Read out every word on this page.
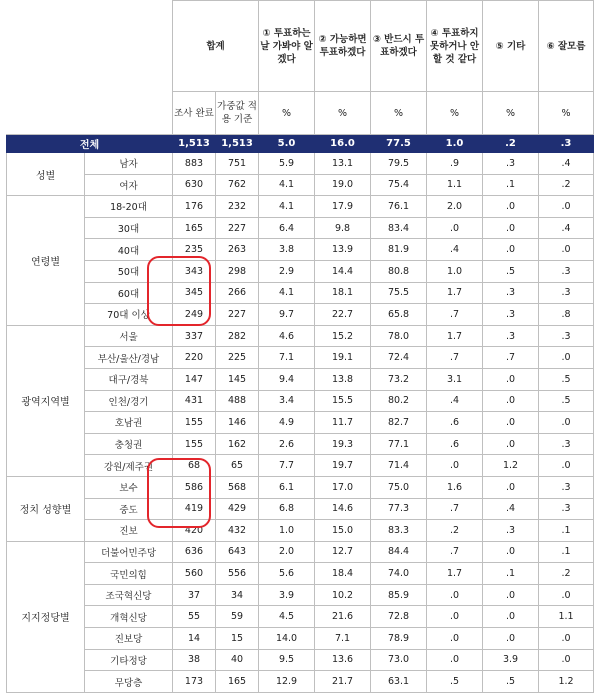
		합계		① 투표하는 날 가봐야 알겠다	② 가능하면 투표하겠다	③ 반드시 투표하겠다	④ 투표하지 못하거나 안할 것 같다	⑤ 기타	⑥ 잘모름
		조사 완료	가중값 적용 기준	%	%	%	%	%	%
전체		1,513	1,513	5.0	16.0	77.5	1.0	.2	.3
성별	남자	883	751	5.9	13.1	79.5	.9	.3	.4
	여자	630	762	4.1	19.0	75.4	1.1	.1	.2
연령별	18-20대	176	232	4.1	17.9	76.1	2.0	.0	.0
	30대	165	227	6.4	9.8	83.4	.0	.0	.4
	40대	235	263	3.8	13.9	81.9	.4	.0	.0
	50대	343	298	2.9	14.4	80.8	1.0	.5	.3
	60대	345	266	4.1	18.1	75.5	1.7	.3	.3
	70대 이상	249	227	9.7	22.7	65.8	.7	.3	.8
광역지역별	서울	337	282	4.6	15.2	78.0	1.7	.3	.3
	부산/울산/경남	220	225	7.1	19.1	72.4	.7	.7	.0
	대구/경북	147	145	9.4	13.8	73.2	3.1	.0	.5
	인천/경기	431	488	3.4	15.5	80.2	.4	.0	.5
	호남권	155	146	4.9	11.7	82.7	.6	.0	.0
	충청권	155	162	2.6	19.3	77.1	.6	.0	.3
	강원/제주권	68	65	7.7	19.7	71.4	.0	1.2	.0
정치 성향별	보수	586	568	6.1	17.0	75.0	1.6	.0	.3
	중도	419	429	6.8	14.6	77.3	.7	.4	.3
	진보	420	432	1.0	15.0	83.3	.2	.3	.1
지지정당별	더불어민주당	636	643	2.0	12.7	84.4	.7	.0	.1
	국민의힘	560	556	5.6	18.4	74.0	1.7	.1	.2
	조국혁신당	37	34	3.9	10.2	85.9	.0	.0	.0
	개혁신당	55	59	4.5	21.6	72.8	.0	.0	1.1
	진보당	14	15	14.0	7.1	78.9	.0	.0	.0
	기타정당	38	40	9.5	13.6	73.0	.0	3.9	.0
	무당층	173	165	12.9	21.7	63.1	.5	.5	1.2
